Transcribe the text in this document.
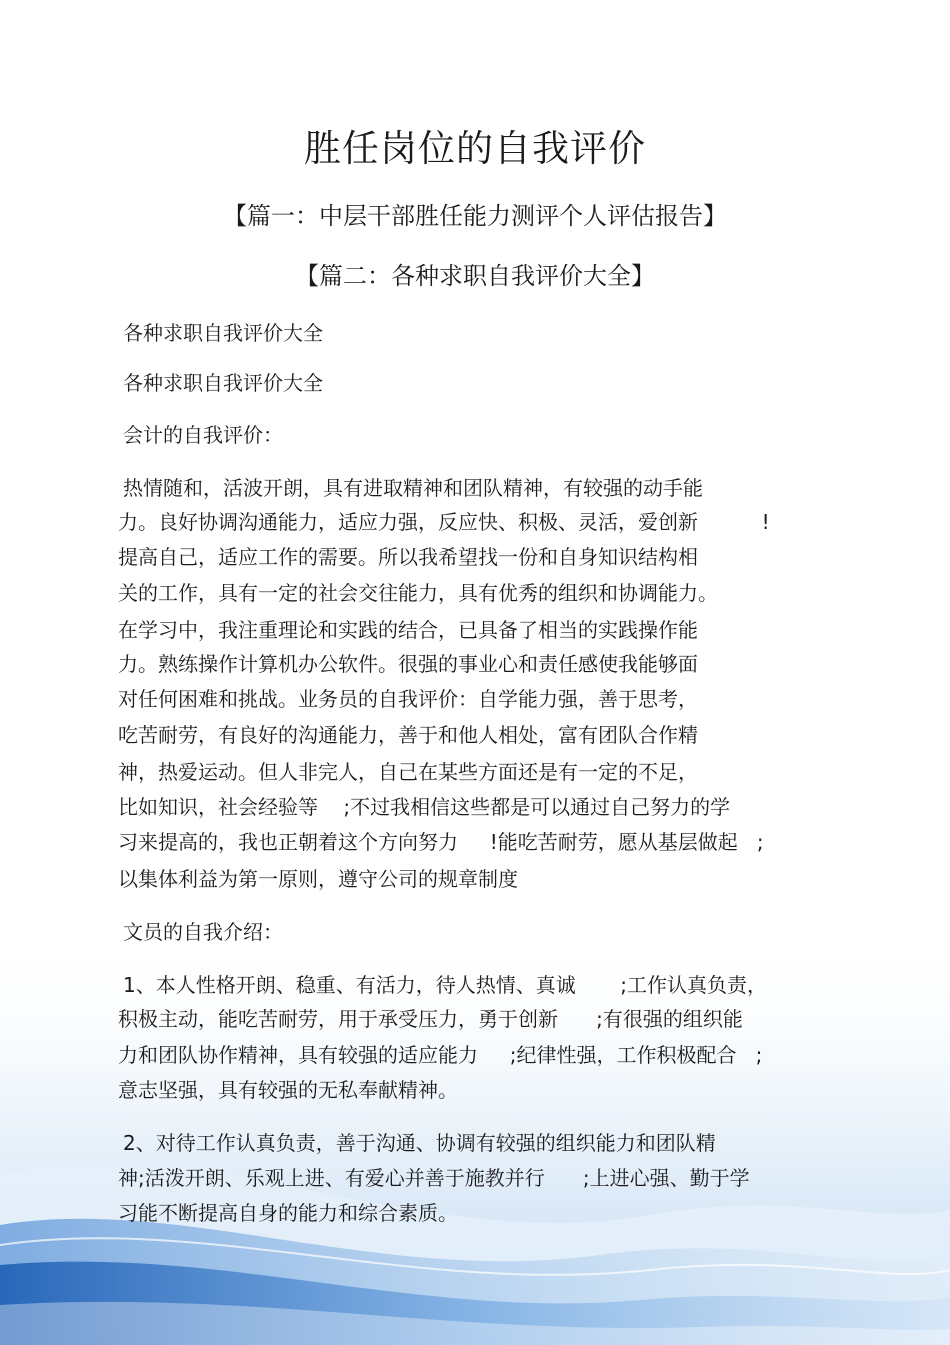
胜任岗位的自我评价
【篇一：中层干部胜任能力测评个人评估报告】
【篇二：各种求职自我评价大全】
各种求职自我评价大全
各种求职自我评价大全
会计的自我评价：
热情随和，活波开朗，具有进取精神和团队精神，有较强的动手能
力。良好协调沟通能力，适应力强，反应快、积极、灵活，爱创新          !
提高自己，适应工作的需要。所以我希望找一份和自身知识结构相
关的工作，具有一定的社会交往能力，具有优秀的组织和协调能力。
在学习中，我注重理论和实践的结合，已具备了相当的实践操作能
力。熟练操作计算机办公软件。很强的事业心和责任感使我能够面
对任何困难和挑战。业务员的自我评价：自学能力强，善于思考，
吃苦耐劳，有良好的沟通能力，善于和他人相处，富有团队合作精
神，热爱运动。但人非完人，自己在某些方面还是有一定的不足，
比如知识，社会经验等    ;不过我相信这些都是可以通过自己努力的学
习来提高的，我也正朝着这个方向努力     !能吃苦耐劳，愿从基层做起   ;
以集体利益为第一原则，遵守公司的规章制度
文员的自我介绍：
1、本人性格开朗、稳重、有活力，待人热情、真诚       ;工作认真负责，
积极主动，能吃苦耐劳，用于承受压力，勇于创新      ;有很强的组织能
力和团队协作精神，具有较强的适应能力     ;纪律性强，工作积极配合   ;
意志坚强，具有较强的无私奉献精神。
2、对待工作认真负责，善于沟通、协调有较强的组织能力和团队精
神;活泼开朗、乐观上进、有爱心并善于施教并行      ;上进心强、勤于学
习能不断提高自身的能力和综合素质。
